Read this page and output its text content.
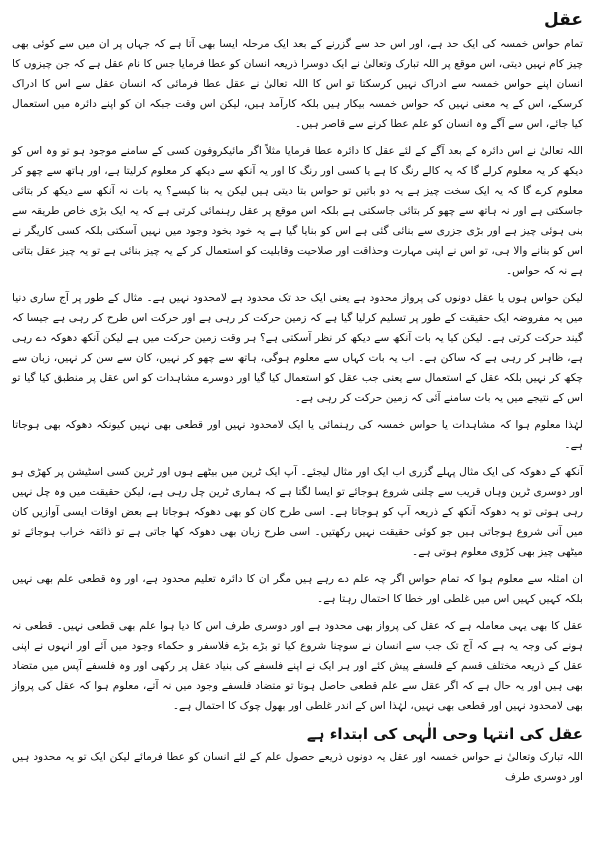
عقل

تمام حواس خمسہ کی ایک حد ہے، اور اس حد سے گزرنے کے بعد ایک مرحلہ ایسا بھی آتا ہے کہ جہاں پر ان میں سے کوئی بھی چیز کام نہیں دیتی، اس موقع پر اللہ تبارک وتعالیٰ نے ایک دوسرا ذریعہ انسان کو عطا فرمایا جس کا نام عقل ہے کہ جن چیزوں کا انسان اپنے حواس خمسہ سے ادراک نہیں کرسکتا تو اس کا اللہ تعالیٰ نے عقل عطا فرمائی کہ انسان عقل سے اس کا ادراک کرسکے، اس کے یہ معنی نہیں کہ حواس خمسہ بیکار ہیں بلکہ کارآمد ہیں، لیکن اس وقت جبکہ ان کو اپنے دائرہ میں استعمال کیا جائے، اس سے آگے وہ انسان کو علم عطا کرنے سے قاصر ہیں۔

اللہ تعالیٰ نے اس دائرہ کے بعد آگے کے لئے عقل کا دائرہ عطا فرمایا مثلاً اگر مائیکروفون کسی کے سامنے موجود ہو تو وہ اس کو دیکھ کر یہ معلوم کرلے گا کہ یہ کالے رنگ کا ہے یا کسی اور رنگ کا اور یہ آنکھ سے دیکھ کر معلوم کرلیتا ہے، اور ہاتھ سے چھو کر معلوم کرے گا کہ یہ ایک سخت چیز ہے یہ دو باتیں تو حواس بتا دیتی ہیں لیکن یہ بنا کیسے؟ یہ بات نہ آنکھ سے دیکھ کر بتائی جاسکتی ہے اور نہ ہاتھ سے چھو کر بتائی جاسکتی ہے بلکہ اس موقع پر عقل رہنمائی کرتی ہے کہ یہ ایک بڑی خاص طریقہ سے بنی ہوئی چیز ہے اور بڑی جزری سے بنائی گئی ہے اس کو بنایا گیا ہے یہ خود بخود وجود میں نہیں آسکتی بلکہ کسی کاریگر نے اس کو بنانے والا ہی، تو اس نے اپنی مہارت وحذاقت اور صلاحیت وقابلیت کو استعمال کر کے یہ چیز بنائی ہے تو یہ چیز عقل بتاتی ہے نہ کہ حواس۔

لیکن حواس ہوں یا عقل دونوں کی پرواز محدود ہے یعنی ایک حد تک محدود ہے لامحدود نہیں ہے۔ مثال کے طور پر آج ساری دنیا میں یہ مفروضہ ایک حقیقت کے طور پر تسلیم کرلیا گیا ہے کہ زمین حرکت کر رہی ہے اور حرکت اس طرح کر رہی ہے جیسا کہ گیند حرکت کرتی ہے۔ لیکن کیا یہ بات آنکھ سے دیکھ کر نظر آسکتی ہے؟ ہر وقت زمین حرکت میں ہے لیکن آنکھ دھوکہ دے رہی ہے، ظاہر کر رہی ہے کہ ساکن ہے۔ اب یہ بات کہاں سے معلوم ہوگی، ہاتھ سے چھو کر نہیں، کان سے سن کر نہیں، زبان سے چکھ کر نہیں بلکہ عقل کے استعمال سے یعنی جب عقل کو استعمال کیا گیا اور دوسرے مشاہدات کو اس عقل پر منطبق کیا گیا تو اس کے نتیجے میں یہ بات سامنے آئی کہ زمین حرکت کر رہی ہے۔

لہٰذا معلوم ہوا کہ مشاہدات یا حواس خمسہ کی رہنمائی یا ایک لامحدود نہیں اور قطعی بھی نہیں کیونکہ دھوکہ بھی ہوجاتا ہے۔

آنکھ کے دھوکہ کی ایک مثال پہلے گزری اب ایک اور مثال لیجئے۔ آپ ایک ٹرین میں بیٹھے ہوں اور ٹرین کسی اسٹیشن پر کھڑی ہو اور دوسری ٹرین وہاں قریب سے چلنی شروع ہوجائے تو ایسا لگتا ہے کہ ہماری ٹرین چل رہی ہے، لیکن حقیقت میں وہ چل نہیں رہی ہوتی تو یہ دھوکہ آنکھ کے ذریعہ آپ کو ہوجاتا ہے۔ اسی طرح کان کو بھی دھوکہ ہوجاتا ہے بعض اوقات ایسی آوازیں کان میں آنی شروع ہوجاتی ہیں جو کوئی حقیقت نہیں رکھتیں۔ اسی طرح زبان بھی دھوکہ کھا جاتی ہے تو ذائقہ خراب ہوجائے تو میٹھی چیز بھی کڑوی معلوم ہوتی ہے۔

ان امثلہ سے معلوم ہوا کہ تمام حواس اگر چہ علم دے رہے ہیں مگر ان کا دائرہ تعلیم محدود ہے، اور وہ قطعی علم بھی نہیں بلکہ کہیں کہیں اس میں غلطی اور خطا کا احتمال رہتا ہے۔

عقل کا بھی یہی معاملہ ہے کہ عقل کی پرواز بھی محدود ہے اور دوسری طرف اس کا دیا ہوا علم بھی قطعی نہیں۔ قطعی نہ ہونے کی وجہ یہ ہے کہ آج تک جب سے انسان نے سوچنا شروع کیا تو بڑے بڑے فلاسفر و حکماء وجود میں آئے اور انہوں نے اپنی عقل کے ذریعہ مختلف قسم کے فلسفے پیش کئے اور ہر ایک نے اپنے فلسفے کی بنیاد عقل پر رکھی اور وہ فلسفے آپس میں متضاد بھی ہیں اور یہ حال ہے کہ اگر عقل سے علم قطعی حاصل ہوتا تو متضاد فلسفے وجود میں نہ آتے، معلوم ہوا کہ عقل کی پرواز بھی لامحدود نہیں اور قطعی بھی نہیں، لہٰذا اس کے اندر غلطی اور بھول چوک کا احتمال ہے۔

عقل کی انتہا وحی الٰہی کی ابتداء ہے

اللہ تبارک وتعالیٰ نے حواس خمسہ اور عقل یہ دونوں ذریعے حصول علم کے لئے انسان کو عطا فرمائے لیکن ایک تو یہ محدود ہیں اور دوسری طرف
